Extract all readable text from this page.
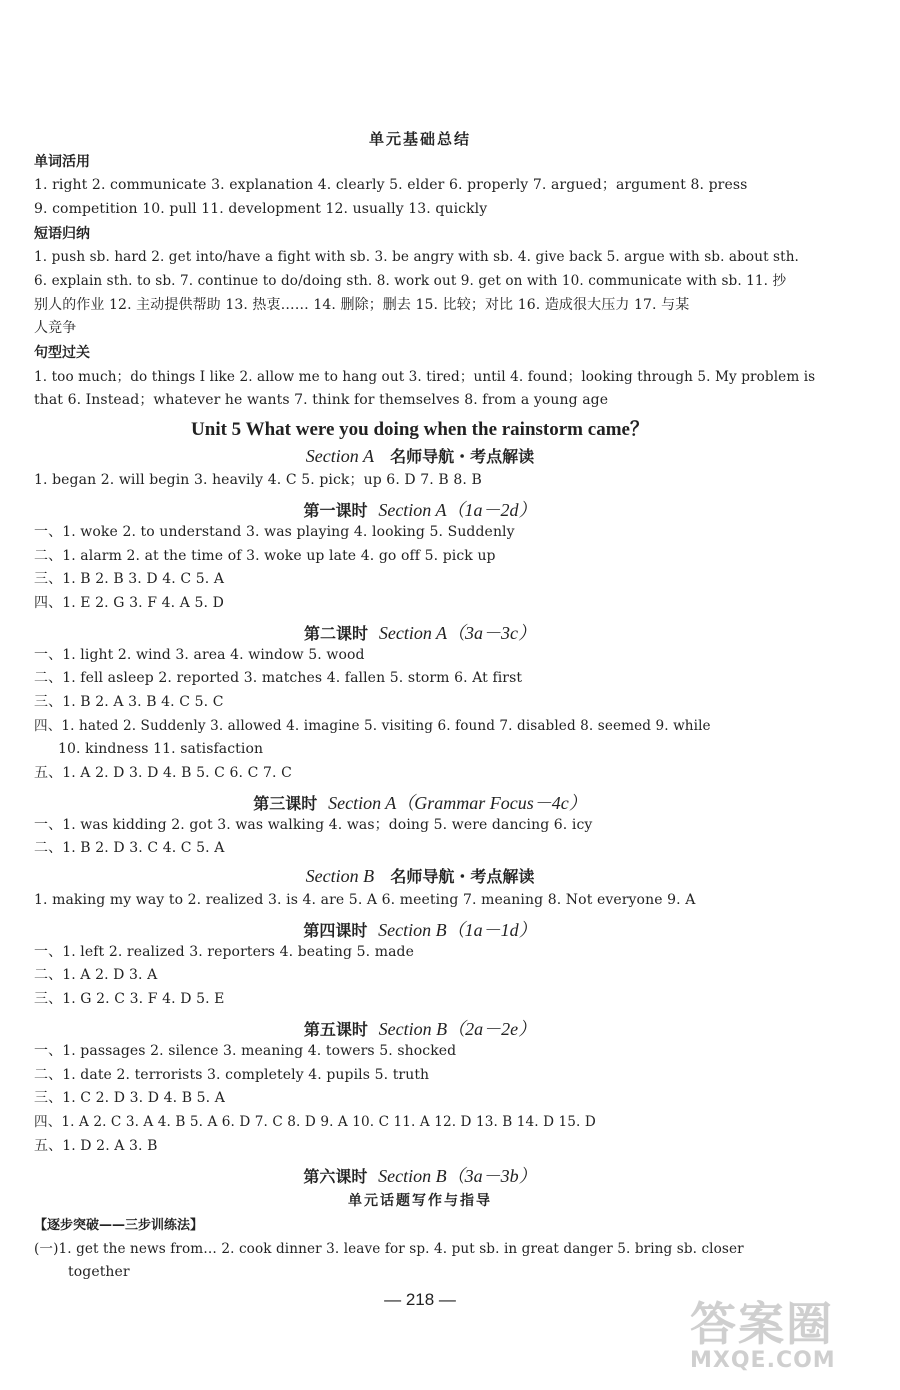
单元基础总结
单词活用
1. right 2. communicate 3. explanation 4. clearly 5. elder 6. properly 7. argued；argument 8. press
9. competition 10. pull 11. development 12. usually 13. quickly
短语归纳
1. push sb. hard 2. get into/have a fight with sb. 3. be angry with sb. 4. give back 5. argue with sb. about sth.
6. explain sth. to sb. 7. continue to do/doing sth. 8. work out 9. get on with 10. communicate with sb. 11. 抄
别人的作业 12. 主动提供帮助 13. 热衷…… 14. 删除；删去 15. 比较；对比 16. 造成很大压力 17. 与某
人竞争
句型过关
1. too much；do things I like 2. allow me to hang out 3. tired；until 4. found；looking through 5. My problem is
that 6. Instead；whatever he wants 7. think for themselves 8. from a young age
Unit 5 What were you doing when the rainstorm came？
Section A 名师导航・考点解读
1. began 2. will begin 3. heavily 4. C 5. pick；up 6. D 7. B 8. B
第一课时 Section A（1a－2d）
一、1. woke 2. to understand 3. was playing 4. looking 5. Suddenly
二、1. alarm 2. at the time of 3. woke up late 4. go off 5. pick up
三、1. B 2. B 3. D 4. C 5. A
四、1. E 2. G 3. F 4. A 5. D
第二课时 Section A（3a－3c）
一、1. light 2. wind 3. area 4. window 5. wood
二、1. fell asleep 2. reported 3. matches 4. fallen 5. storm 6. At first
三、1. B 2. A 3. B 4. C 5. C
四、1. hated 2. Suddenly 3. allowed 4. imagine 5. visiting 6. found 7. disabled 8. seemed 9. while
10. kindness 11. satisfaction
五、1. A 2. D 3. D 4. B 5. C 6. C 7. C
第三课时 Section A（Grammar Focus－4c）
一、1. was kidding 2. got 3. was walking 4. was；doing 5. were dancing 6. icy
二、1. B 2. D 3. C 4. C 5. A
Section B 名师导航・考点解读
1. making my way to 2. realized 3. is 4. are 5. A 6. meeting 7. meaning 8. Not everyone 9. A
第四课时 Section B（1a－1d）
一、1. left 2. realized 3. reporters 4. beating 5. made
二、1. A 2. D 3. A
三、1. G 2. C 3. F 4. D 5. E
第五课时 Section B（2a－2e）
一、1. passages 2. silence 3. meaning 4. towers 5. shocked
二、1. date 2. terrorists 3. completely 4. pupils 5. truth
三、1. C 2. D 3. D 4. B 5. A
四、1. A 2. C 3. A 4. B 5. A 6. D 7. C 8. D 9. A 10. C 11. A 12. D 13. B 14. D 15. D
五、1. D 2. A 3. B
第六课时 Section B（3a－3b）
单元话题写作与指导
【逐步突破——三步训练法】
(一)1. get the news from… 2. cook dinner 3. leave for sp. 4. put sb. in great danger 5. bring sb. closer
together
— 218 —	答案圈
MXQE.COM
